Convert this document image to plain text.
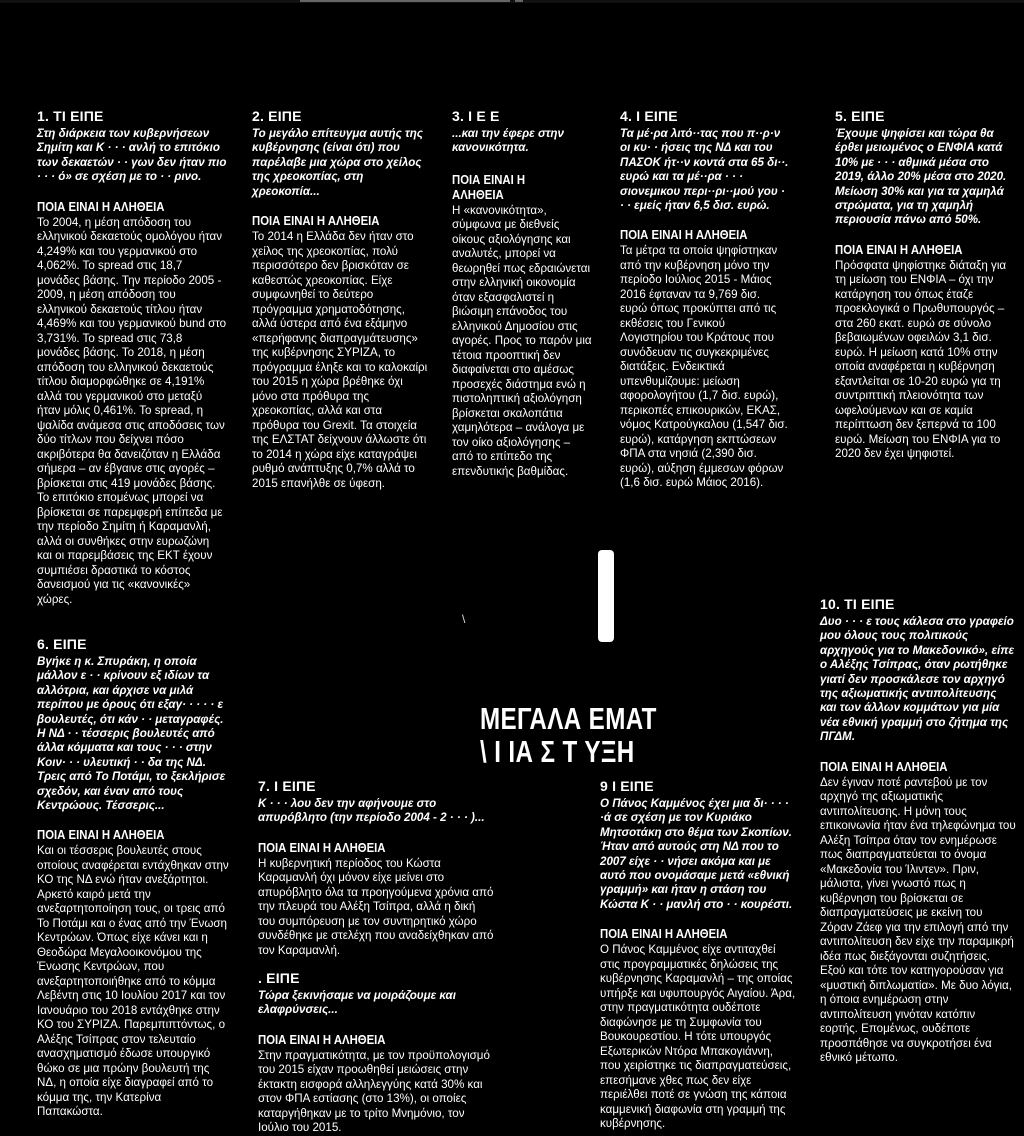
1. ΤΙ ΕΙΠΕ

Στη διάρκεια των κυβερνήσεων Σημίτη και Κ · · · ανλή το επιτόκιο των δεκαετών · · γων δεν ήταν πιο · · · ό» σε σχέση με το · · ρινο.

ΠΟΙΑ ΕΙΝΑΙ Η ΑΛΗΘΕΙΑ

Το 2004, η μέση απόδοση του ελληνικού δεκαετούς ομολόγου ήταν 4,249% και του γερμανικού στο 4,062%. Το spread στις 18,7 μονάδες βάσης. Την περίοδο 2005 - 2009, η μέση απόδοση του ελληνικού δεκαετούς τίτλου ήταν 4,469% και του γερμανικού bund στο 3,731%. Το spread στις 73,8 μονάδες βάσης. Το 2018, η μέση απόδοση του ελληνικού δεκαετούς τίτλου διαμορφώθηκε σε 4,191% αλλά του γερμανικού στο μεταξύ ήταν μόλις 0,461%. Το spread, η ψαλίδα ανάμεσα στις αποδόσεις των δύο τίτλων που δείχνει πόσο ακριβότερα θα δανειζόταν η Ελλάδα σήμερα – αν έβγαινε στις αγορές – βρίσκεται στις 419 μονάδες βάσης. Το επιτόκιο επομένως μπορεί να βρίσκεται σε παρεμφερή επίπεδα με την περίοδο Σημίτη ή Καραμανλή, αλλά οι συνθήκες στην ευρωζώνη και οι παρεμβάσεις της ΕΚΤ έχουν συμπιέσει δραστικά το κόστος δανεισμού για τις «κανονικές» χώρες.

2. ΕΙΠΕ

Το μεγάλο επίτευγμα αυτής της κυβέρνησης (είναι ότι) που παρέλαβε μια χώρα στο χείλος της χρεοκοπίας, στη χρεοκοπία...

ΠΟΙΑ ΕΙΝΑΙ Η ΑΛΗΘΕΙΑ

Το 2014 η Ελλάδα δεν ήταν στο χείλος της χρεοκοπίας, πολύ περισσότερο δεν βρισκόταν σε καθεστώς χρεοκοπίας. Είχε συμφωνηθεί το δεύτερο πρόγραμμα χρηματοδότησης, αλλά ύστερα από ένα εξάμηνο «περήφανης διαπραγμάτευσης» της κυβέρνησης ΣΥΡΙΖΑ, το πρόγραμμα έληξε και το καλοκαίρι του 2015 η χώρα βρέθηκε όχι μόνο στα πρόθυρα της χρεοκοπίας, αλλά και στα πρόθυρα του Grexit. Τα στοιχεία της ΕΛΣΤΑΤ δείχνουν άλλωστε ότι το 2014 η χώρα είχε καταγράψει ρυθμό ανάπτυξης 0,7% αλλά το 2015 επανήλθε σε ύφεση.

3. Ι Ε Ε

...και την έφερε στην κανονικότητα.

ΠΟΙΑ ΕΙΝΑΙ Η ΑΛΗΘΕΙΑ

Η «κανονικότητα», σύμφωνα με διεθνείς οίκους αξιολόγησης και αναλυτές, μπορεί να θεωρηθεί πως εδραιώνεται στην ελληνική οικονομία όταν εξασφαλιστεί η βιώσιμη επάνοδος του ελληνικού Δημοσίου στις αγορές. Προς το παρόν μια τέτοια προοπτική δεν διαφαίνεται στο αμέσως προσεχές διάστημα ενώ η πιστοληπτική αξιολόγηση βρίσκεται σκαλοπάτια χαμηλότερα – ανάλογα με τον οίκο αξιολόγησης – από το επίπεδο της επενδυτικής βαθμίδας.

4. Ι ΕΙΠΕ

Τα μέ·ρα λιτό··τας που π··ρ·ν οι κυ· · ήσεις της ΝΔ και του ΠΑΣΟΚ ήτ··ν κοντά στα 65 δι··. ευρώ και τα μέ··ρα · · · σιονεμικου περι··ρι··μού γου · · · εμείς ήταν 6,5 δισ. ευρώ.

ΠΟΙΑ ΕΙΝΑΙ Η ΑΛΗΘΕΙΑ

Τα μέτρα τα οποία ψηφίστηκαν από την κυβέρνηση μόνο την περίοδο Ιούλιος 2015 - Μάιος 2016 έφταναν τα 9,769 δισ. ευρώ όπως προκύπτει από τις εκθέσεις του Γενικού Λογιστηρίου του Κράτους που συνόδευαν τις συγκεκριμένες διατάξεις. Ενδεικτικά υπενθυμίζουμε: μείωση αφορολογήτου (1,7 δισ. ευρώ), περικοπές επικουρικών, ΕΚΑΣ, νόμος Κατρούγκαλου (1,547 δισ. ευρώ), κατάργηση εκπτώσεων ΦΠΑ στα νησιά (2,390 δισ. ευρώ), αύξηση έμμεσων φόρων (1,6 δισ. ευρώ Μάιος 2016).

5. ΕΙΠΕ

Έχουμε ψηφίσει και τώρα θα έρθει μειωμένος ο ΕΝΦΙΑ κατά 10% με · · · αθμικά μέσα στο 2019, άλλο 20% μέσα στο 2020. Μείωση 30% και για τα χαμηλά στρώματα, για τη χαμηλή περιουσία πάνω από 50%.

ΠΟΙΑ ΕΙΝΑΙ Η ΑΛΗΘΕΙΑ

Πρόσφατα ψηφίστηκε διάταξη για τη μείωση του ΕΝΦΙΑ – όχι την κατάργηση του όπως έταζε προεκλογικά ο Πρωθυπουργός – στα 260 εκατ. ευρώ σε σύνολο βεβαιωμένων οφειλών 3,1 δισ. ευρώ. Η μείωση κατά 10% στην οποία αναφέρεται η κυβέρνηση εξαντλείται σε 10-20 ευρώ για τη συντριπτική πλειονότητα των ωφελούμενων και σε καμία περίπτωση δεν ξεπερνά τα 100 ευρώ. Μείωση του ΕΝΦΙΑ για το 2020 δεν έχει ψηφιστεί.

6. ΕΙΠΕ

Βγήκε η κ. Σπυράκη, η οποία μάλλον ε · · κρίνουν εξ ιδίων τα αλλότρια, και άρχισε να μιλά περίπου με όρους ότι εξαγ· · · · · ε βουλευτές, ότι κάν · · μεταγραφές. Η ΝΔ · · τέσσερις βουλευτές από άλλα κόμματα και τους · · · στην Κοιν· · · υλευτική · · δα της ΝΔ. Τρεις από Το Ποτάμι, το ξεκλήρισε σχεδόν, και έναν από τους Κεντρώους. Τέσσερις...

ΠΟΙΑ ΕΙΝΑΙ Η ΑΛΗΘΕΙΑ

Και οι τέσσερις βουλευτές στους οποίους αναφέρεται εντάχθηκαν στην ΚΟ της ΝΔ ενώ ήταν ανεξάρτητοι. Αρκετό καιρό μετά την ανεξαρτητοποίηση τους, οι τρεις από Το Ποτάμι και ο ένας από την Ένωση Κεντρώων. Όπως είχε κάνει και η Θεοδώρα Μεγαλοοικονόμου της Ένωσης Κεντρώων, που ανεξαρτητοποιήθηκε από το κόμμα Λεβέντη στις 10 Ιουλίου 2017 και τον Ιανουάριο του 2018 εντάχθηκε στην ΚΟ του ΣΥΡΙΖΑ. Παρεμπιπτόντως, ο Αλέξης Τσίπρας στον τελευταίο ανασχηματισμό έδωσε υπουργικό θώκο σε μια πρώην βουλευτή της ΝΔ, η οποία είχε διαγραφεί από το κόμμα της, την Κατερίνα Παπακώστα.

7. Ι ΕΙΠΕ

Κ · · · λου δεν την αφήνουμε στο απυρόβλητο (την περίοδο 2004 - 2 · · · )...

ΠΟΙΑ ΕΙΝΑΙ Η ΑΛΗΘΕΙΑ

Η κυβερνητική περίοδος του Κώστα Καραμανλή όχι μόνον είχε μείνει στο απυρόβλητο όλα τα προηγούμενα χρόνια από την πλευρά του Αλέξη Τσίπρα, αλλά η δική του συμπόρευση με τον συντηρητικό χώρο συνδέθηκε με στελέχη που αναδείχθηκαν από τον Καραμανλή.

. ΕΙΠΕ

Τώρα ξεκινήσαμε να μοιράζουμε και ελαφρύνσεις...

ΠΟΙΑ ΕΙΝΑΙ Η ΑΛΗΘΕΙΑ

Στην πραγματικότητα, με τον προϋπολογισμό του 2015 είχαν προωθηθεί μειώσεις στην έκτακτη εισφορά αλληλεγγύης κατά 30% και στον ΦΠΑ εστίασης (στο 13%), οι οποίες καταργήθηκαν με το τρίτο Μνημόνιο, τον Ιούλιο του 2015.

9 Ι ΕΙΠΕ

Ο Πάνος Καμμένος έχει μια δι· · · · ·ά σε σχέση με τον Κυριάκο Μητσοτάκη στο θέμα των Σκοπίων. Ήταν από αυτούς στη ΝΔ που το 2007 είχε · · νήσει ακόμα και με αυτό που ονομάσαμε μετά «εθνική γραμμή» και ήταν η στάση του Κώστα Κ · · μανλή στο · · κουρέστι.

ΠΟΙΑ ΕΙΝΑΙ Η ΑΛΗΘΕΙΑ

Ο Πάνος Καμμένος είχε αντιταχθεί στις προγραμματικές δηλώσεις της κυβέρνησης Καραμανλή – της οποίας υπήρξε και υφυπουργός Αιγαίου. Άρα, στην πραγματικότητα ουδέποτε διαφώνησε με τη Συμφωνία του Βουκουρεστίου. Η τότε υπουργός Εξωτερικών Ντόρα Μπακογιάννη, που χειρίστηκε τις διαπραγματεύσεις, επεσήμανε χθες πως δεν είχε περιέλθει ποτέ σε γνώση της κάποια καμμενική διαφωνία στη γραμμή της κυβέρνησης.

10. ΤΙ ΕΙΠΕ

Δυο · · · ε τους κάλεσα στο γραφείο μου όλους τους πολιτικούς αρχηγούς για το Μακεδονικό», είπε ο Αλέξης Τσίπρας, όταν ρωτήθηκε γιατί δεν προσκάλεσε τον αρχηγό της αξιωματικής αντιπολίτευσης και των άλλων κομμάτων για μία νέα εθνική γραμμή στο ζήτημα της ΠΓΔΜ.

ΠΟΙΑ ΕΙΝΑΙ Η ΑΛΗΘΕΙΑ

Δεν έγιναν ποτέ ραντεβού με τον αρχηγό της αξιωματικής αντιπολίτευσης. Η μόνη τους επικοινωνία ήταν ένα τηλεφώνημα του Αλέξη Τσίπρα όταν τον ενημέρωσε πως διαπραγματεύεται το όνομα «Μακεδονία του Ίλιντεν». Πριν, μάλιστα, γίνει γνωστό πως η κυβέρνηση του βρίσκεται σε διαπραγματεύσεις με εκείνη του Ζόραν Ζάεφ για την επιλογή από την αντιπολίτευση δεν είχε την παραμικρή ιδέα πως διεξάγονται συζητήσεις. Εξού και τότε τον κατηγορούσαν για «μυστική διπλωματία». Με δυο λόγια, η όποια ενημέρωση στην αντιπολίτευση γινόταν κατόπιν εορτής. Επομένως, ουδέποτε προσπάθησε να συγκροτήσει ένα εθνικό μέτωπο.

\
ΜΕΓΑΛΑ ΕΜΑΤ
\ Ι ΙΑ Σ Τ ΥΞΗ
